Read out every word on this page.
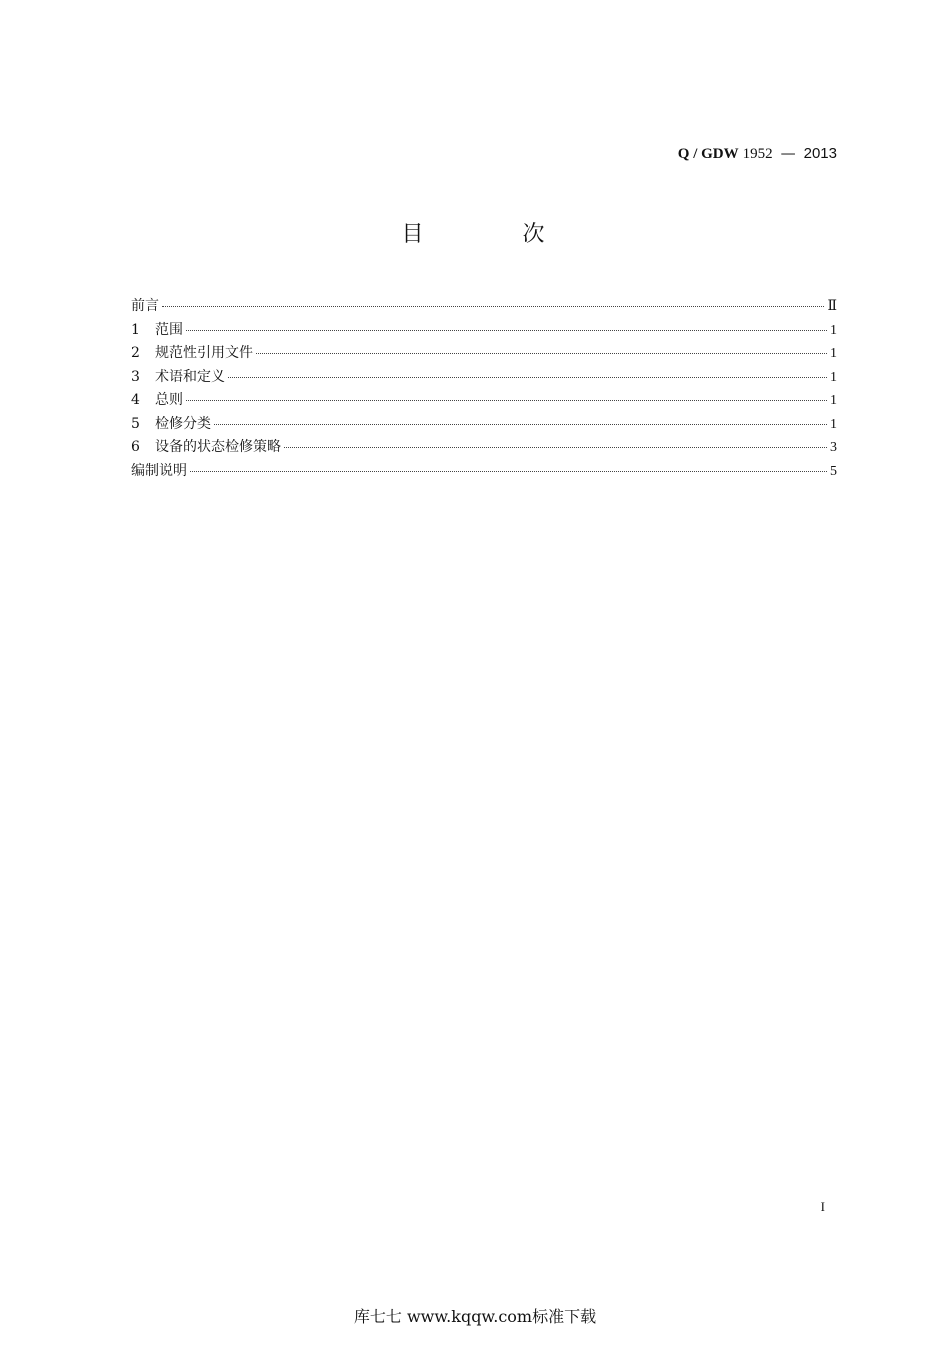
Q / GDW 1952 — 2013
目 次
前言	Ⅱ
1	范围	1
2	规范性引用文件	1
3	术语和定义	1
4	总则	1
5	检修分类	1
6	设备的状态检修策略	3
编制说明	5
I
库七七 www.kqqw.com标准下载
